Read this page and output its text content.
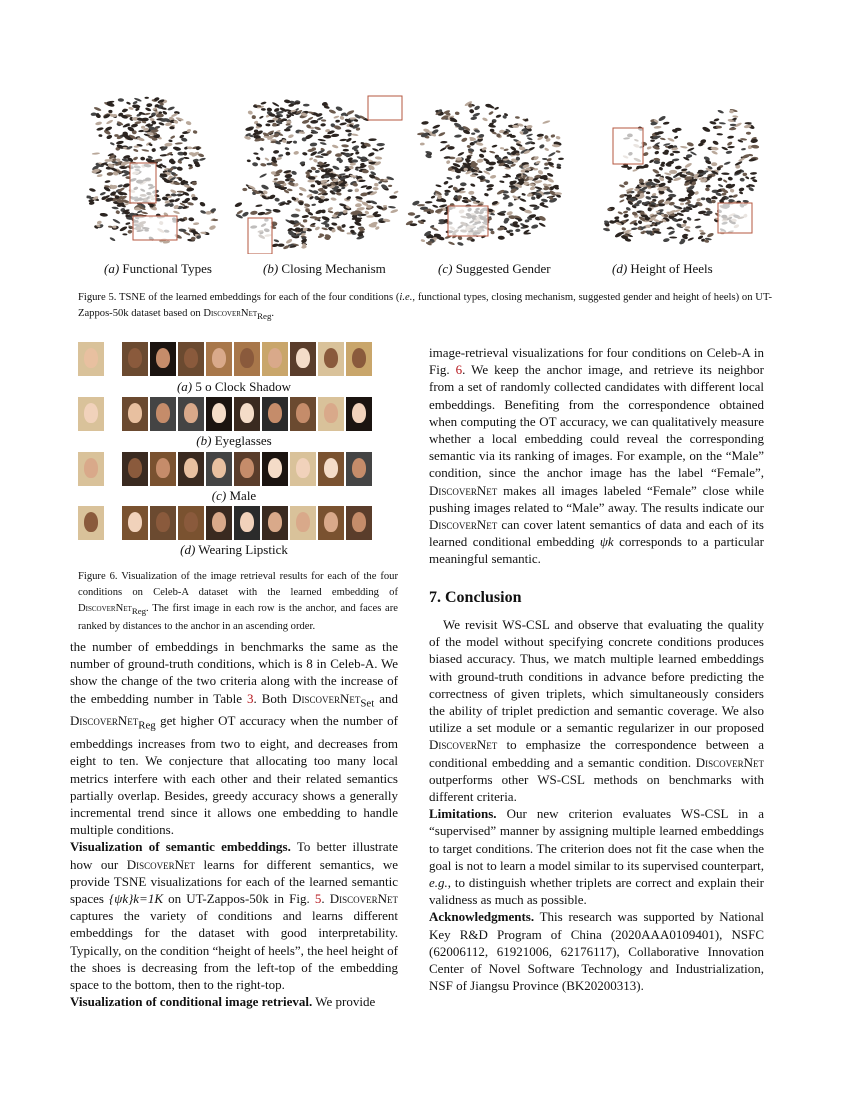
(a) Functional Types	(b) Closing Mechanism	(c) Suggested Gender	(d) Height of Heels
Figure 5. TSNE of the learned embeddings for each of the four conditions (i.e., functional types, closing mechanism, suggested gender and height of heels) on UT-Zappos-50k dataset based on DiscoverNet$_{Reg}$.
(a) 5 o Clock Shadow
(b) Eyeglasses
(c) Male
(d) Wearing Lipstick
Figure 6. Visualization of the image retrieval results for each of the four conditions on Celeb-A dataset with the learned embedding of DiscoverNet$_{Reg}$. The first image in each row is the anchor, and faces are ranked by distances to the anchor in an ascending order.

the number of embeddings in benchmarks the same as the number of ground-truth conditions, which is 8 in Celeb-A. We show the change of the two criteria along with the increase of the embedding number in Table 3. Both DiscoverNet$_{Set}$ and DiscoverNet$_{Reg}$ get higher OT accuracy when the number of embeddings increases from two to eight, and decreases from eight to ten. We conjecture that allocating too many local metrics interfere with each other and their related semantics partially overlap. Besides, greedy accuracy shows a generally incremental trend since it allows one embedding to handle multiple conditions.

Visualization of semantic embeddings. To better illustrate how our DiscoverNet learns for different semantics, we provide TSNE visualizations for each of the learned semantic spaces {ψk}k=1K on UT-Zappos-50k in Fig. 5. DiscoverNet captures the variety of conditions and learns different embeddings for the dataset with good interpretability. Typically, on the condition “height of heels”, the heel height of the shoes is decreasing from the left-top of the embedding space to the bottom, then to the right-top.

Visualization of conditional image retrieval. We provide

image-retrieval visualizations for four conditions on Celeb-A in Fig. 6. We keep the anchor image, and retrieve its neighbor from a set of randomly collected candidates with different local embeddings. Benefiting from the correspondence obtained when computing the OT accuracy, we can qualitatively measure whether a local embedding could reveal the corresponding semantic via its ranking of images. For example, on the “Male” condition, since the anchor image has the label “Female”, DiscoverNet makes all images labeled “Female” close while pushing images related to “Male” away. The results indicate our DiscoverNet can cover latent semantics of data and each of its learned conditional embedding ψk corresponds to a particular meaningful semantic.

7. Conclusion

We revisit WS-CSL and observe that evaluating the quality of the model without specifying concrete conditions produces biased accuracy. Thus, we match multiple learned embeddings with ground-truth conditions in advance before predicting the correctness of given triplets, which simultaneously considers the ability of triplet prediction and semantic coverage. We also utilize a set module or a semantic regularizer in our proposed DiscoverNet to emphasize the correspondence between a conditional embedding and a semantic condition. DiscoverNet outperforms other WS-CSL methods on benchmarks with different criteria.

Limitations. Our new criterion evaluates WS-CSL in a “supervised” manner by assigning multiple learned embeddings to target conditions. The criterion does not fit the case when the goal is not to learn a model similar to its supervised counterpart, e.g., to distinguish whether triplets are correct and explain their validness as much as possible.

Acknowledgments. This research was supported by National Key R&D Program of China (2020AAA0109401), NSFC (62006112, 61921006, 62176117), Collaborative Innovation Center of Novel Software Technology and Industrialization, NSF of Jiangsu Province (BK20200313).
